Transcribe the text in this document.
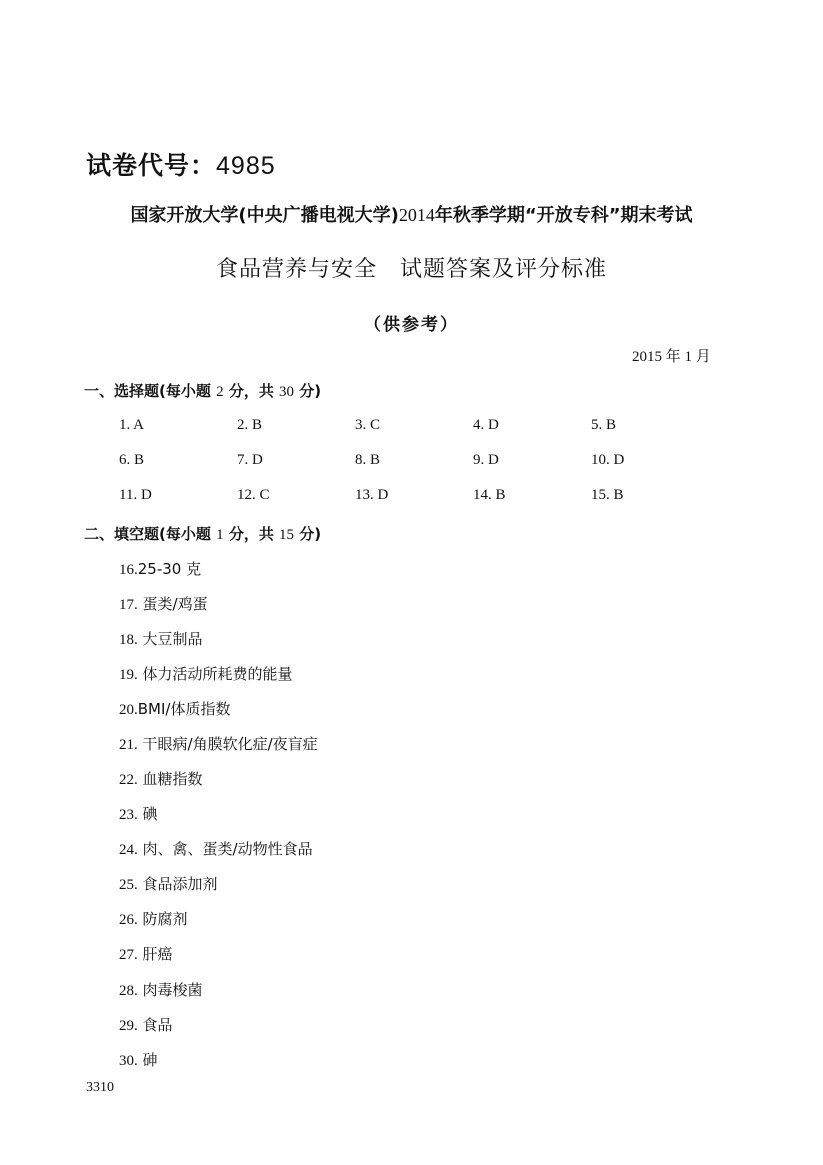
试卷代号：4985
国家开放大学(中央广播电视大学)2014年秋季学期“开放专科”期末考试
食品营养与安全　试题答案及评分标准
（供参考）
2015 年 1 月
一、选择题(每小题 2 分，共 30 分)
1. A	2. B	3. C	4. D	5. B
6. B	7. D	8. B	9. D	10. D
11. D	12. C	13. D	14. B	15. B
二、填空题(每小题 1 分，共 15 分)
16.25-30 克
17. 蛋类/鸡蛋
18. 大豆制品
19. 体力活动所耗费的能量
20.BMI/体质指数
21. 干眼病/角膜软化症/夜盲症
22. 血糖指数
23. 碘
24. 肉、禽、蛋类/动物性食品
25. 食品添加剂
26. 防腐剂
27. 肝癌
28. 肉毒梭菌
29. 食品
30. 砷
3310
